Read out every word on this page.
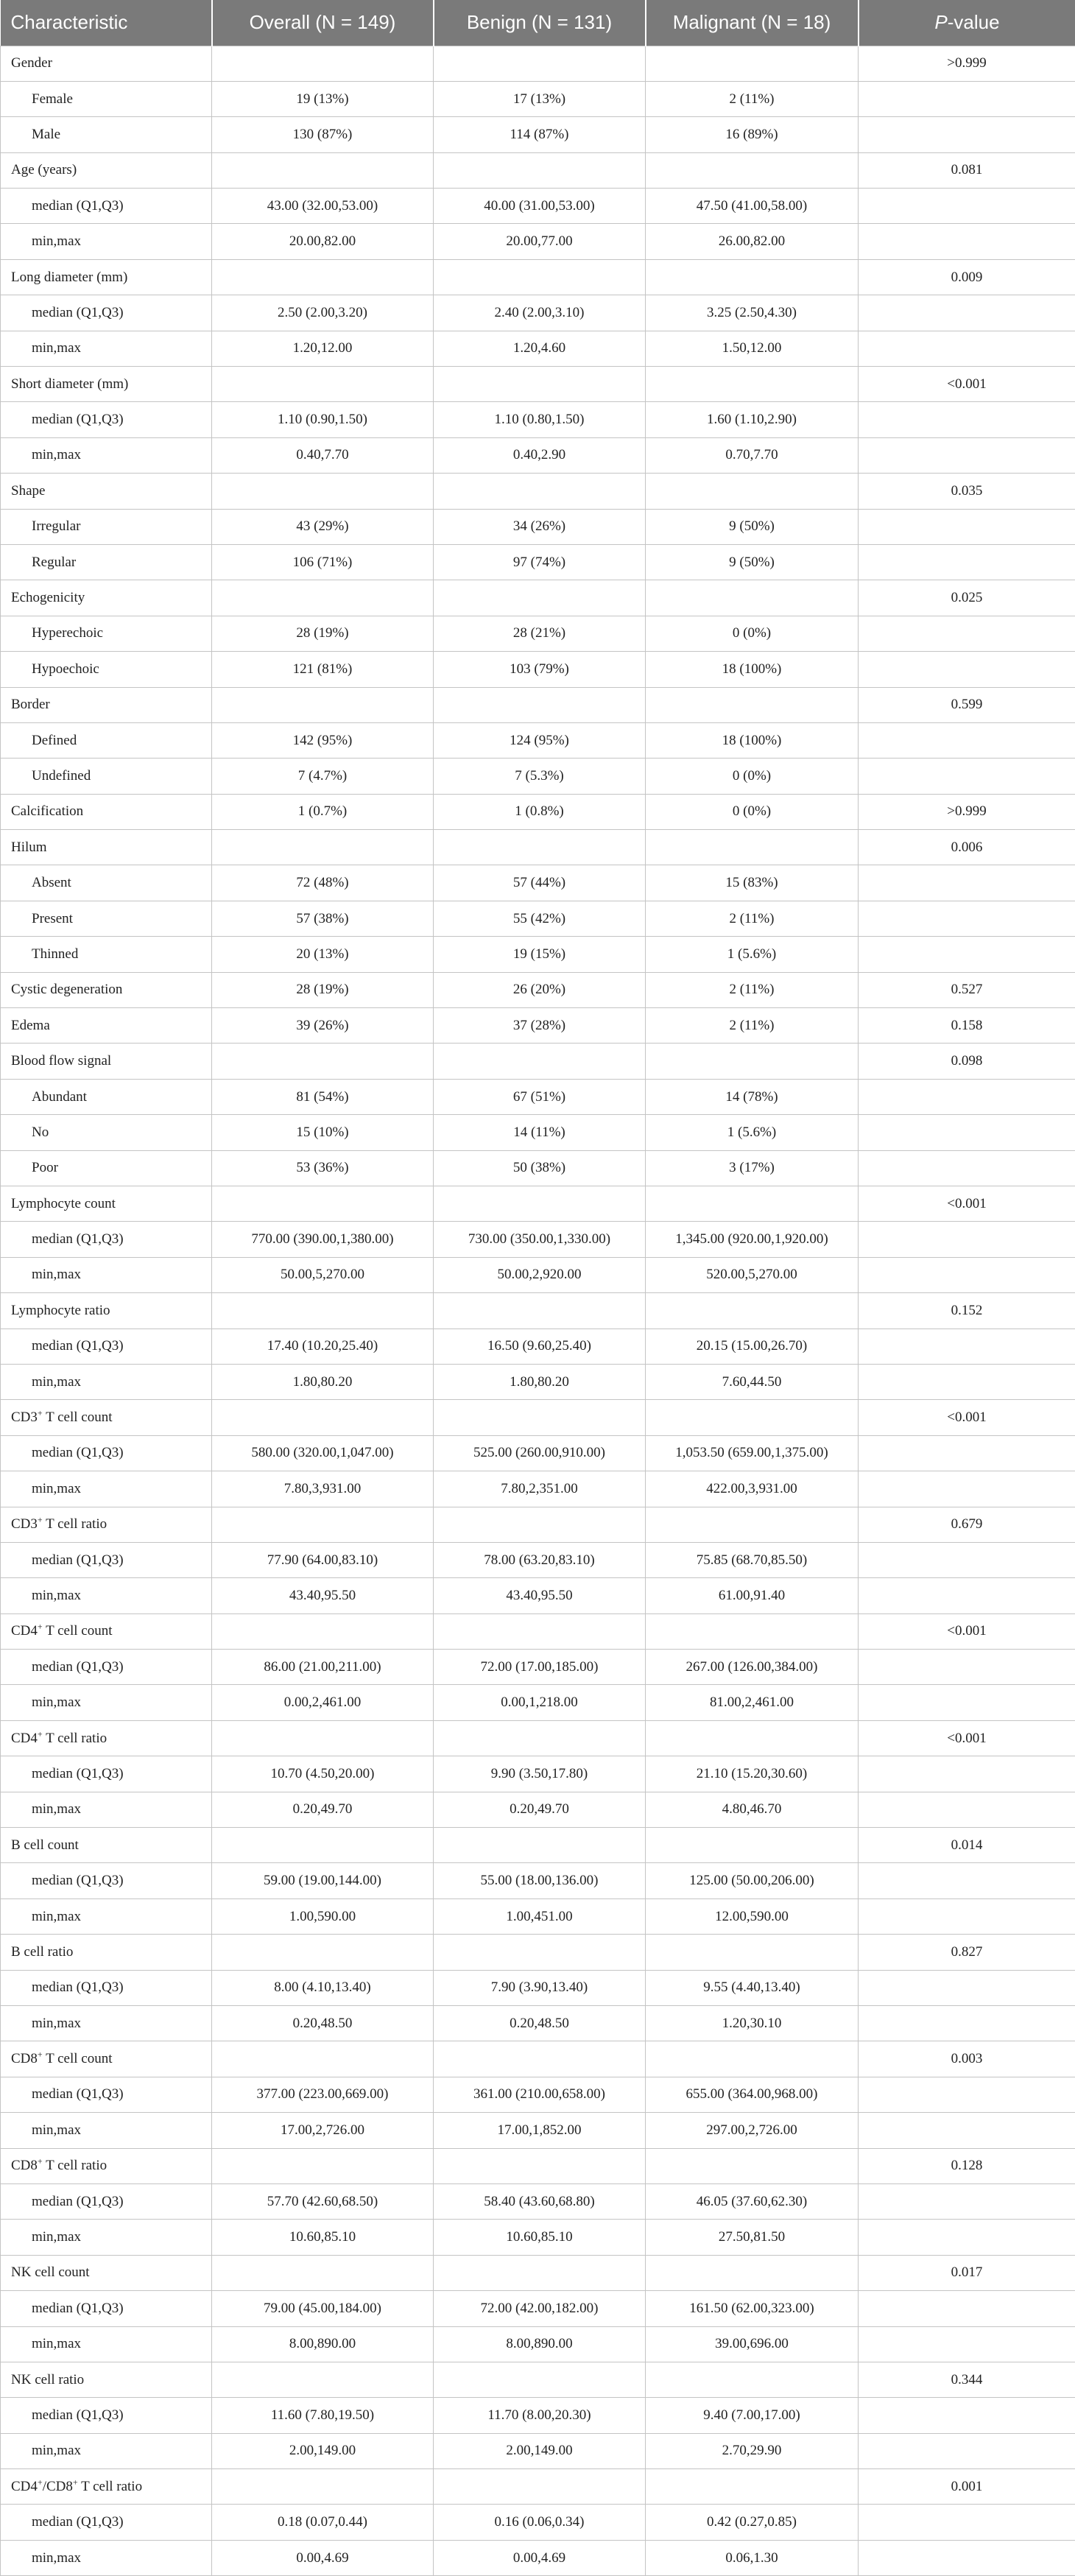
Characteristic	Overall (N = 149)	Benign (N = 131)	Malignant (N = 18)	P-value
Gender				>0.999
Female	19 (13%)	17 (13%)	2 (11%)	
Male	130 (87%)	114 (87%)	16 (89%)	
Age (years)				0.081
median (Q1,Q3)	43.00 (32.00,53.00)	40.00 (31.00,53.00)	47.50 (41.00,58.00)	
min,max	20.00,82.00	20.00,77.00	26.00,82.00	
Long diameter (mm)				0.009
median (Q1,Q3)	2.50 (2.00,3.20)	2.40 (2.00,3.10)	3.25 (2.50,4.30)	
min,max	1.20,12.00	1.20,4.60	1.50,12.00	
Short diameter (mm)				<0.001
median (Q1,Q3)	1.10 (0.90,1.50)	1.10 (0.80,1.50)	1.60 (1.10,2.90)	
min,max	0.40,7.70	0.40,2.90	0.70,7.70	
Shape				0.035
Irregular	43 (29%)	34 (26%)	9 (50%)	
Regular	106 (71%)	97 (74%)	9 (50%)	
Echogenicity				0.025
Hyperechoic	28 (19%)	28 (21%)	0 (0%)	
Hypoechoic	121 (81%)	103 (79%)	18 (100%)	
Border				0.599
Defined	142 (95%)	124 (95%)	18 (100%)	
Undefined	7 (4.7%)	7 (5.3%)	0 (0%)	
Calcification	1 (0.7%)	1 (0.8%)	0 (0%)	>0.999
Hilum				0.006
Absent	72 (48%)	57 (44%)	15 (83%)	
Present	57 (38%)	55 (42%)	2 (11%)	
Thinned	20 (13%)	19 (15%)	1 (5.6%)	
Cystic degeneration	28 (19%)	26 (20%)	2 (11%)	0.527
Edema	39 (26%)	37 (28%)	2 (11%)	0.158
Blood flow signal				0.098
Abundant	81 (54%)	67 (51%)	14 (78%)	
No	15 (10%)	14 (11%)	1 (5.6%)	
Poor	53 (36%)	50 (38%)	3 (17%)	
Lymphocyte count				<0.001
median (Q1,Q3)	770.00 (390.00,1,380.00)	730.00 (350.00,1,330.00)	1,345.00 (920.00,1,920.00)	
min,max	50.00,5,270.00	50.00,2,920.00	520.00,5,270.00	
Lymphocyte ratio				0.152
median (Q1,Q3)	17.40 (10.20,25.40)	16.50 (9.60,25.40)	20.15 (15.00,26.70)	
min,max	1.80,80.20	1.80,80.20	7.60,44.50	
CD3+ T cell count				<0.001
median (Q1,Q3)	580.00 (320.00,1,047.00)	525.00 (260.00,910.00)	1,053.50 (659.00,1,375.00)	
min,max	7.80,3,931.00	7.80,2,351.00	422.00,3,931.00	
CD3+ T cell ratio				0.679
median (Q1,Q3)	77.90 (64.00,83.10)	78.00 (63.20,83.10)	75.85 (68.70,85.50)	
min,max	43.40,95.50	43.40,95.50	61.00,91.40	
CD4+ T cell count				<0.001
median (Q1,Q3)	86.00 (21.00,211.00)	72.00 (17.00,185.00)	267.00 (126.00,384.00)	
min,max	0.00,2,461.00	0.00,1,218.00	81.00,2,461.00	
CD4+ T cell ratio				<0.001
median (Q1,Q3)	10.70 (4.50,20.00)	9.90 (3.50,17.80)	21.10 (15.20,30.60)	
min,max	0.20,49.70	0.20,49.70	4.80,46.70	
B cell count				0.014
median (Q1,Q3)	59.00 (19.00,144.00)	55.00 (18.00,136.00)	125.00 (50.00,206.00)	
min,max	1.00,590.00	1.00,451.00	12.00,590.00	
B cell ratio				0.827
median (Q1,Q3)	8.00 (4.10,13.40)	7.90 (3.90,13.40)	9.55 (4.40,13.40)	
min,max	0.20,48.50	0.20,48.50	1.20,30.10	
CD8+ T cell count				0.003
median (Q1,Q3)	377.00 (223.00,669.00)	361.00 (210.00,658.00)	655.00 (364.00,968.00)	
min,max	17.00,2,726.00	17.00,1,852.00	297.00,2,726.00	
CD8+ T cell ratio				0.128
median (Q1,Q3)	57.70 (42.60,68.50)	58.40 (43.60,68.80)	46.05 (37.60,62.30)	
min,max	10.60,85.10	10.60,85.10	27.50,81.50	
NK cell count				0.017
median (Q1,Q3)	79.00 (45.00,184.00)	72.00 (42.00,182.00)	161.50 (62.00,323.00)	
min,max	8.00,890.00	8.00,890.00	39.00,696.00	
NK cell ratio				0.344
median (Q1,Q3)	11.60 (7.80,19.50)	11.70 (8.00,20.30)	9.40 (7.00,17.00)	
min,max	2.00,149.00	2.00,149.00	2.70,29.90	
CD4+/CD8+ T cell ratio				0.001
median (Q1,Q3)	0.18 (0.07,0.44)	0.16 (0.06,0.34)	0.42 (0.27,0.85)	
min,max	0.00,4.69	0.00,4.69	0.06,1.30	
